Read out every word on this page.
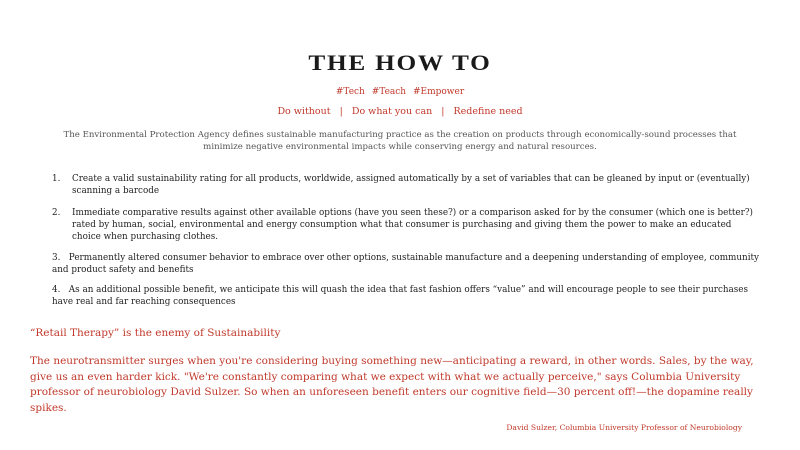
THE HOW TO
#Tech #Teach #Empower
Do without | Do what you can | Redefine need
The Environmental Protection Agency defines sustainable manufacturing practice as the creation on products through economically-sound processes that minimize negative environmental impacts while conserving energy and natural resources.
1.	Create a valid sustainability rating for all products, worldwide, assigned automatically by a set of variables that can be gleaned by input or (eventually) scanning a barcode
2.	Immediate comparative results against other available options (have you seen these?) or a comparison asked for by the consumer (which one is better?) rated by human, social, environmental and energy consumption what that consumer is purchasing and giving them the power to make an educated choice when purchasing clothes.
3. Permanently altered consumer behavior to embrace over other options, sustainable manufacture and a deepening understanding of employee, community and product safety and benefits
4. As an additional possible benefit, we anticipate this will quash the idea that fast fashion offers “value” and will encourage people to see their purchases have real and far reaching consequences
“Retail Therapy” is the enemy of Sustainability
The neurotransmitter surges when you're considering buying something new—anticipating a reward, in other words. Sales, by the way, give us an even harder kick. "We're constantly comparing what we expect with what we actually perceive," says Columbia University professor of neurobiology David Sulzer. So when an unforeseen benefit enters our cognitive field—30 percent off!—the dopamine really spikes.
David Sulzer, Columbia University Professor of Neurobiology
